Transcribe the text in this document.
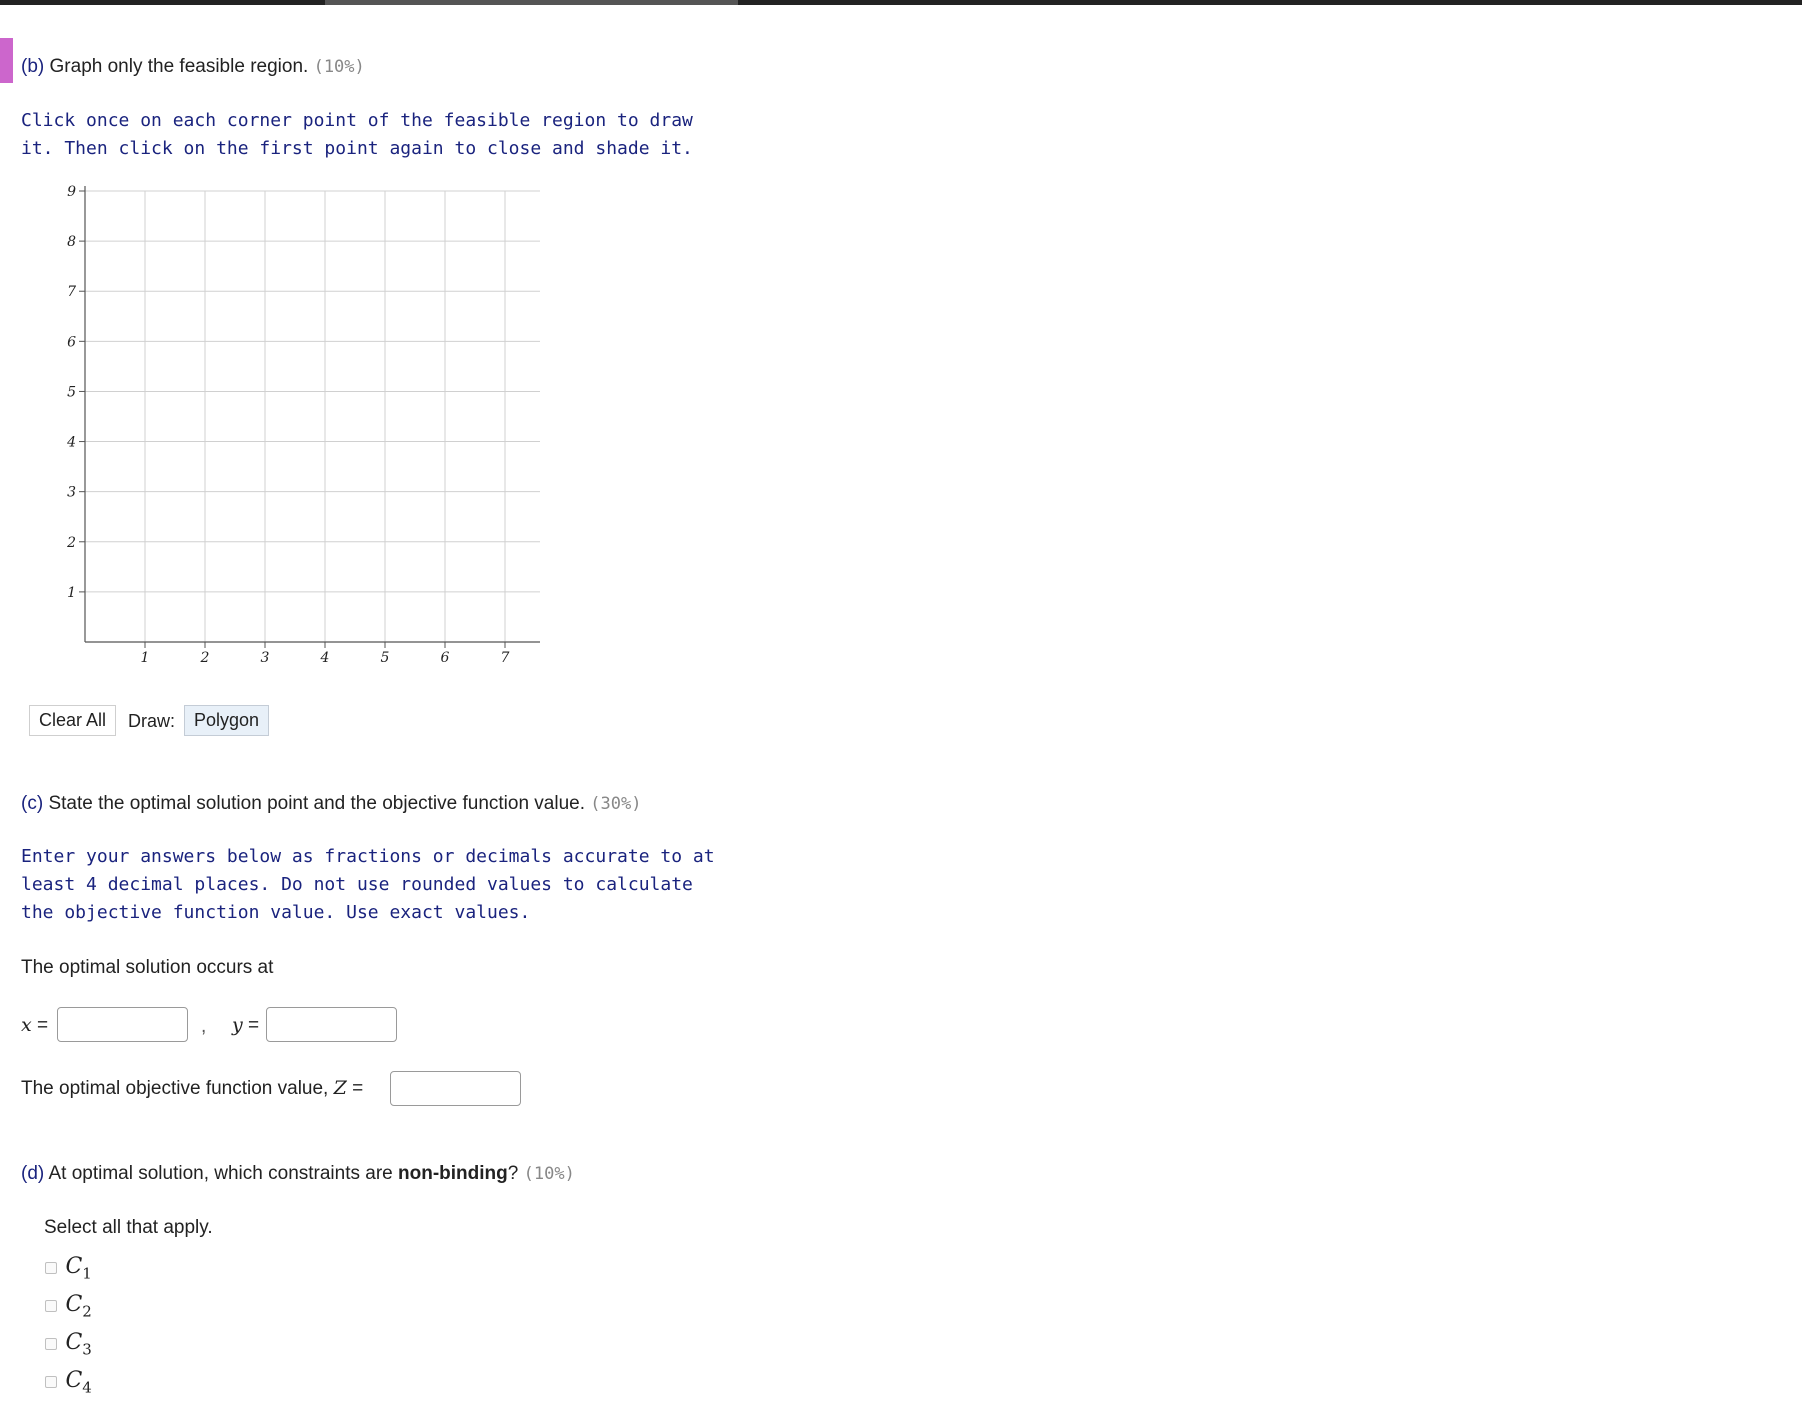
(b) Graph only the feasible region. (10%)
Click once on each corner point of the feasible region to draw
it. Then click on the first point again to close and shade it.
1	2	3	4	5	6	7
1
2
3
4
5
6
7
8
9
Clear All	Draw:	Polygon
(c) State the optimal solution point and the objective function value. (30%)
Enter your answers below as fractions or decimals accurate to at
least 4 decimal places. Do not use rounded values to calculate
the objective function value. Use exact values.
The optimal solution occurs at
x =	, y =
The optimal objective function value, Z =
(d) At optimal solution, which constraints are non-binding? (10%)
Select all that apply.
$C_1$
$C_2$
$C_3$
$C_4$
